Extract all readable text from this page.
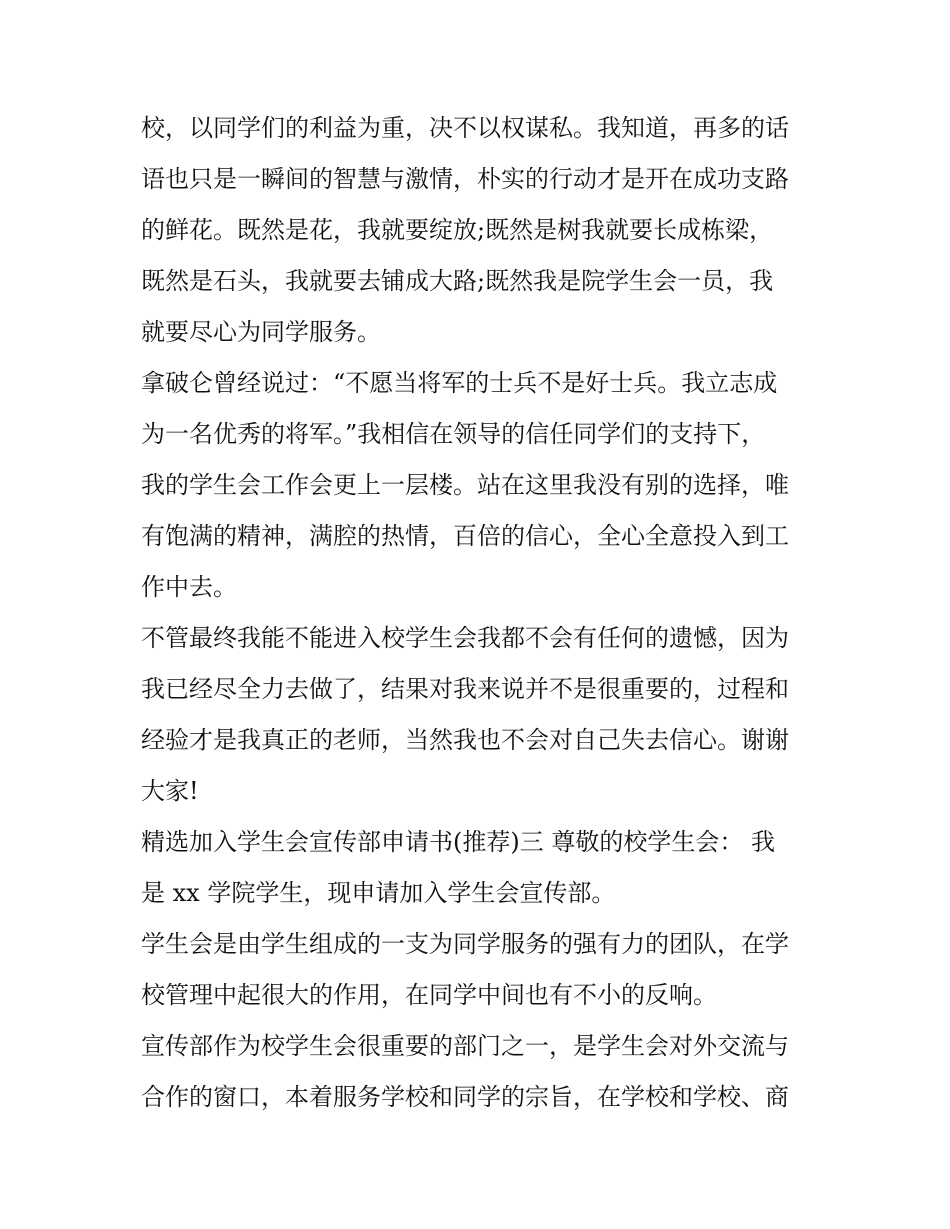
校，以同学们的利益为重，决不以权谋私。我知道，再多的话
语也只是一瞬间的智慧与激情，朴实的行动才是开在成功支路
的鲜花。既然是花，我就要绽放;既然是树我就要长成栋梁，
既然是石头，我就要去铺成大路;既然我是院学生会一员，我
就要尽心为同学服务。
拿破仑曾经说过：“不愿当将军的士兵不是好士兵。我立志成
为一名优秀的将军。”我相信在领导的信任同学们的支持下，
我的学生会工作会更上一层楼。站在这里我没有别的选择，唯
有饱满的精神，满腔的热情，百倍的信心，全心全意投入到工
作中去。
不管最终我能不能进入校学生会我都不会有任何的遗憾，因为
我已经尽全力去做了，结果对我来说并不是很重要的，过程和
经验才是我真正的老师，当然我也不会对自己失去信心。谢谢
大家!
精选加入学生会宣传部申请书(推荐)三 尊敬的校学生会： 我
是 xx 学院学生，现申请加入学生会宣传部。
学生会是由学生组成的一支为同学服务的强有力的团队，在学
校管理中起很大的作用，在同学中间也有不小的反响。
宣传部作为校学生会很重要的部门之一，是学生会对外交流与
合作的窗口，本着服务学校和同学的宗旨，在学校和学校、商
